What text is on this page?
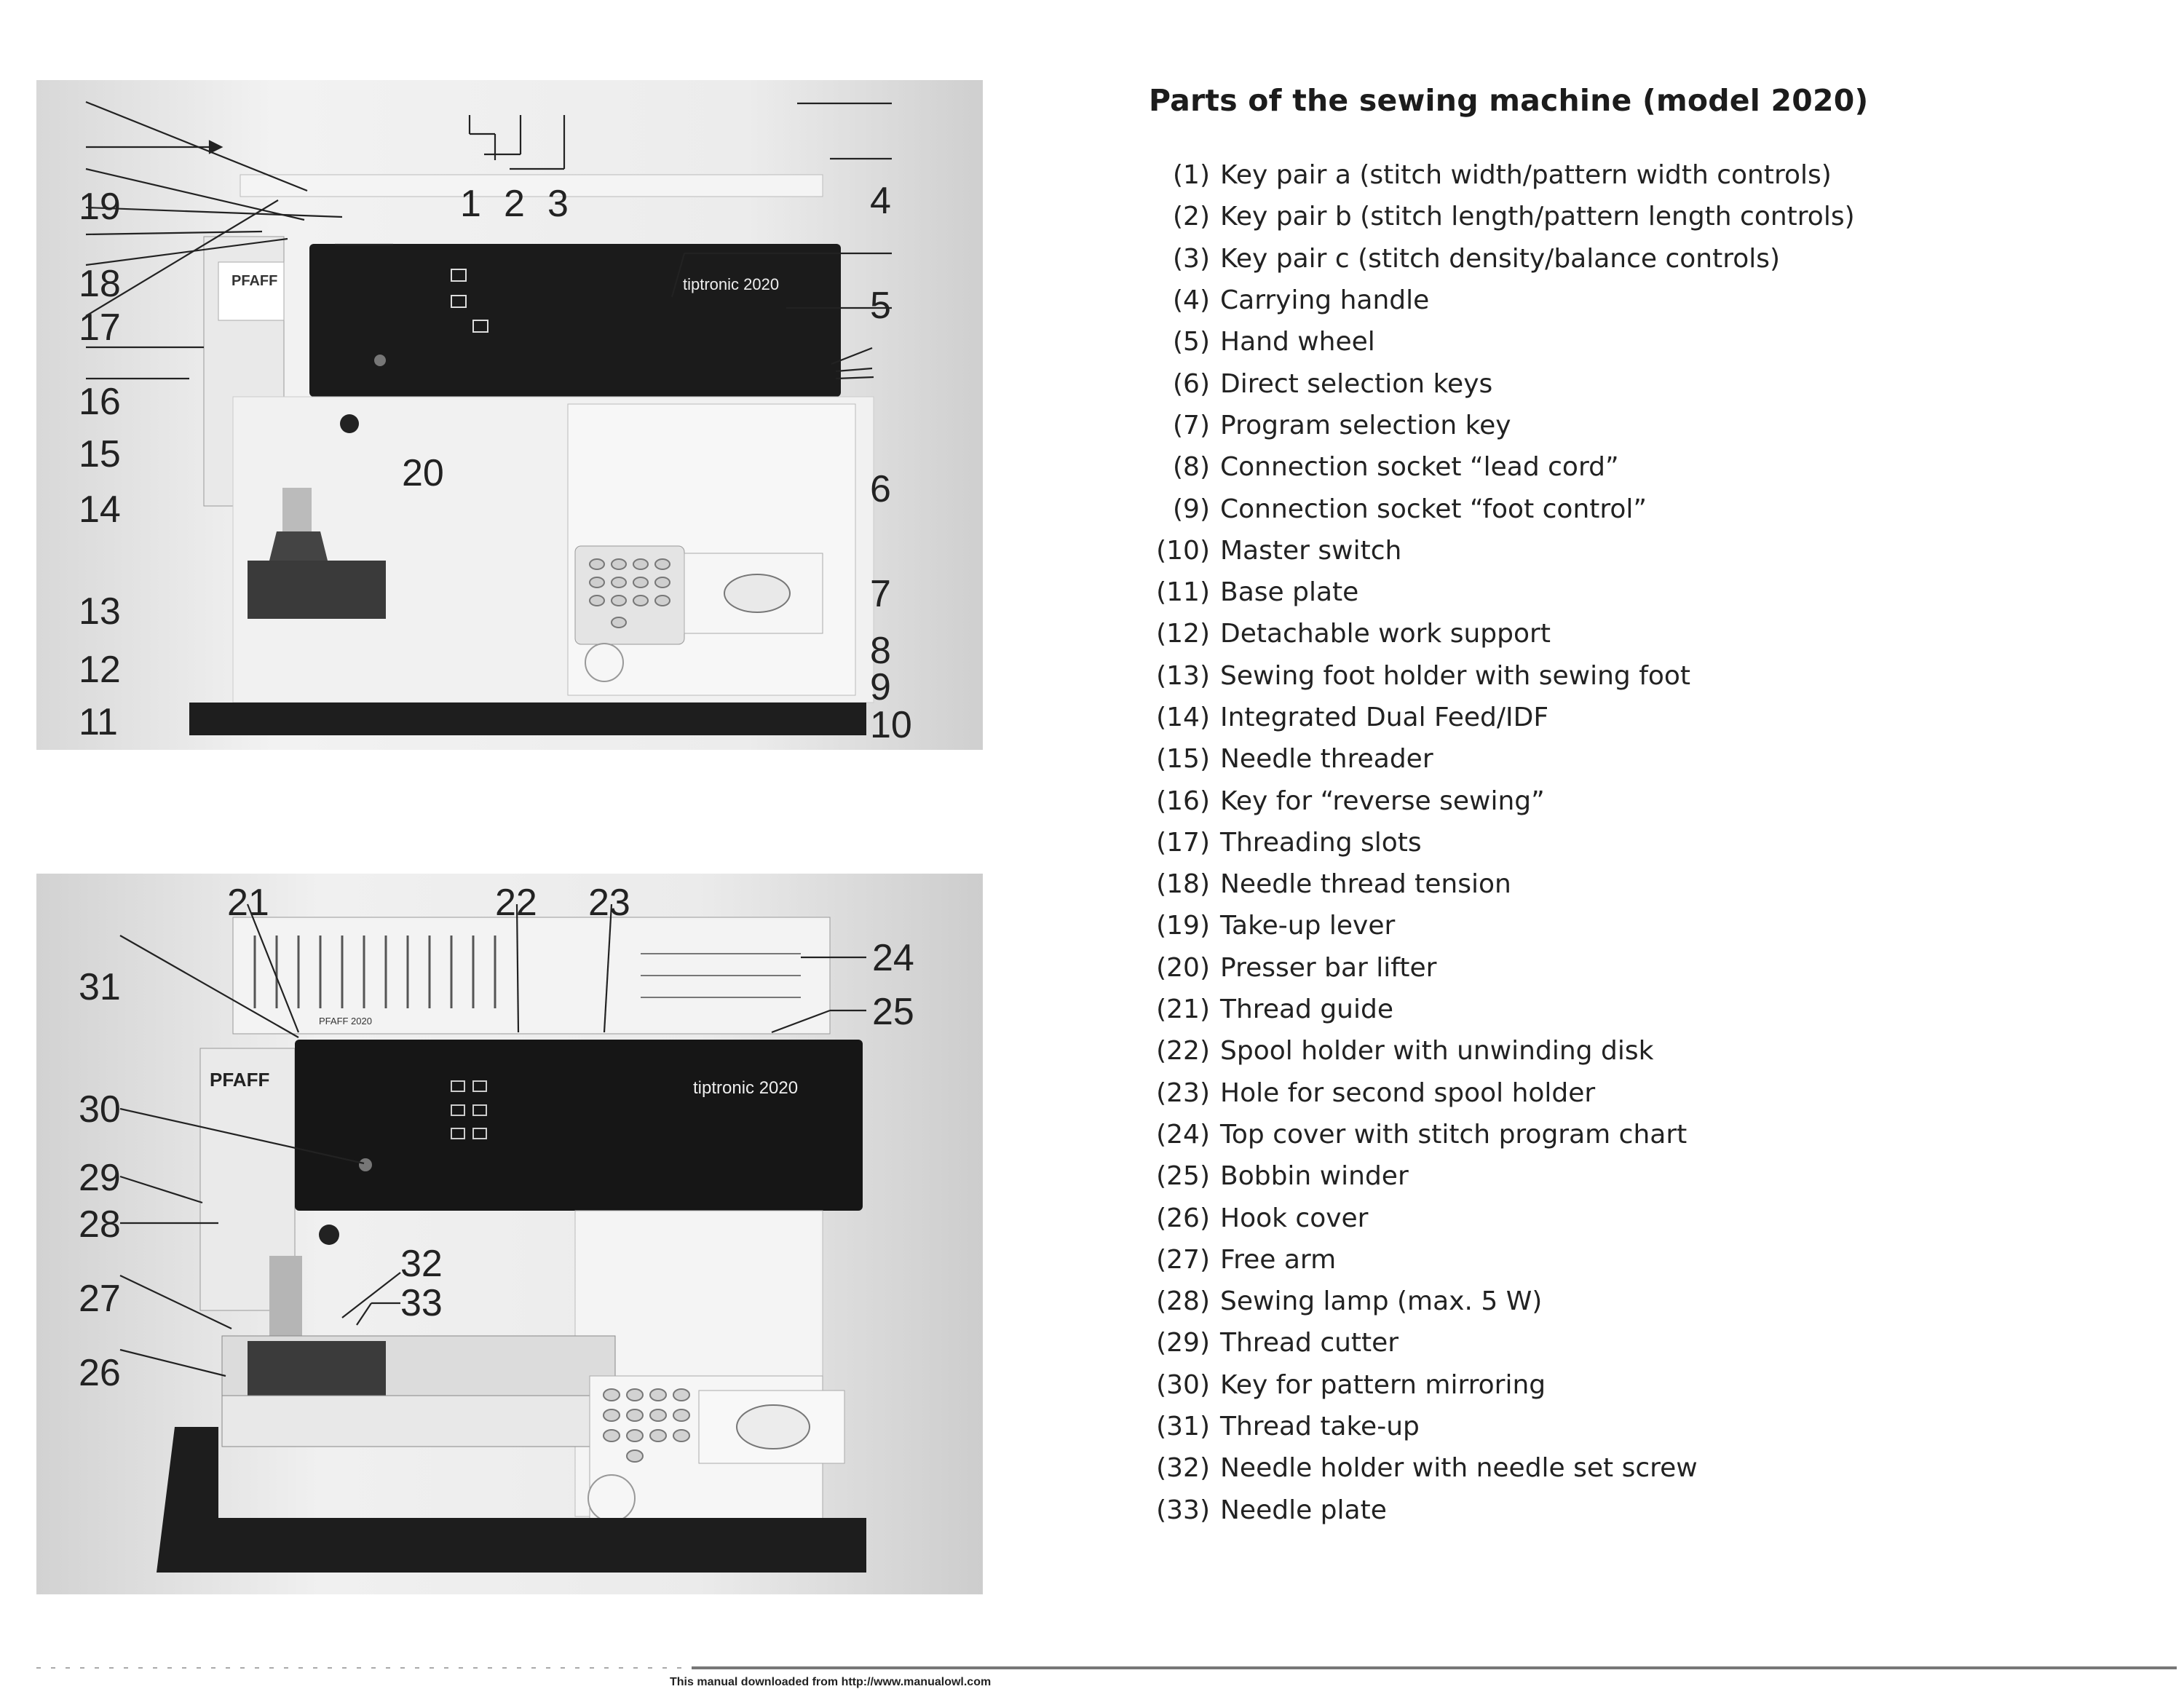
PFAFF	tiptronic 2020
19
18
17
16
15
14
13
12
11
1 2 3	4
5
20	6
7
8
9
10
PFAFF 2020
PFAFF	tiptronic 2020
21	22 23
24
31
25
30
29
28
32
33
27
26
Parts of the sewing machine (model 2020)
(1) Key pair a (stitch width/pattern width controls)
(2) Key pair b (stitch length/pattern length controls)
(3) Key pair c (stitch density/balance controls)
(4) Carrying handle
(5) Hand wheel
(6) Direct selection keys
(7) Program selection key
(8) Connection socket “lead cord”
(9) Connection socket “foot control”
(10) Master switch
(11) Base plate
(12) Detachable work support
(13) Sewing foot holder with sewing foot
(14) Integrated Dual Feed/IDF
(15) Needle threader
(16) Key for “reverse sewing”
(17) Threading slots
(18) Needle thread tension
(19) Take-up lever
(20) Presser bar lifter
(21) Thread guide
(22) Spool holder with unwinding disk
(23) Hole for second spool holder
(24) Top cover with stitch program chart
(25) Bobbin winder
(26) Hook cover
(27) Free arm
(28) Sewing lamp (max. 5 W)
(29) Thread cutter
(30) Key for pattern mirroring
(31) Thread take-up
(32) Needle holder with needle set screw
(33) Needle plate
This manual downloaded from http://www.manualowl.com
